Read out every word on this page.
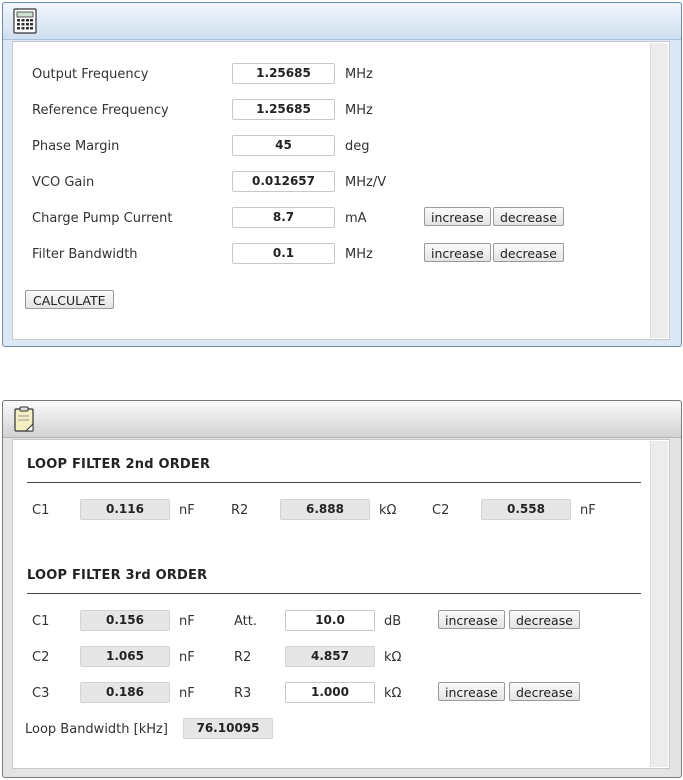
Output Frequency	1.25685	MHz
Reference Frequency	1.25685	MHz
Phase Margin	45	deg
VCO Gain	0.012657	MHz/V
Charge Pump Current	8.7	mA	increase	decrease
Filter Bandwidth	0.1	MHz	increase	decrease
CALCULATE
LOOP FILTER 2nd ORDER
C1	0.116	nF	R2	6.888	kΩ	C2	0.558	nF
LOOP FILTER 3rd ORDER
C1	0.156	nF	Att.	10.0	dB	increase	decrease
C2	1.065	nF	R2	4.857	kΩ
C3	0.186	nF	R3	1.000	kΩ	increase	decrease
Loop Bandwidth [kHz]	76.10095
